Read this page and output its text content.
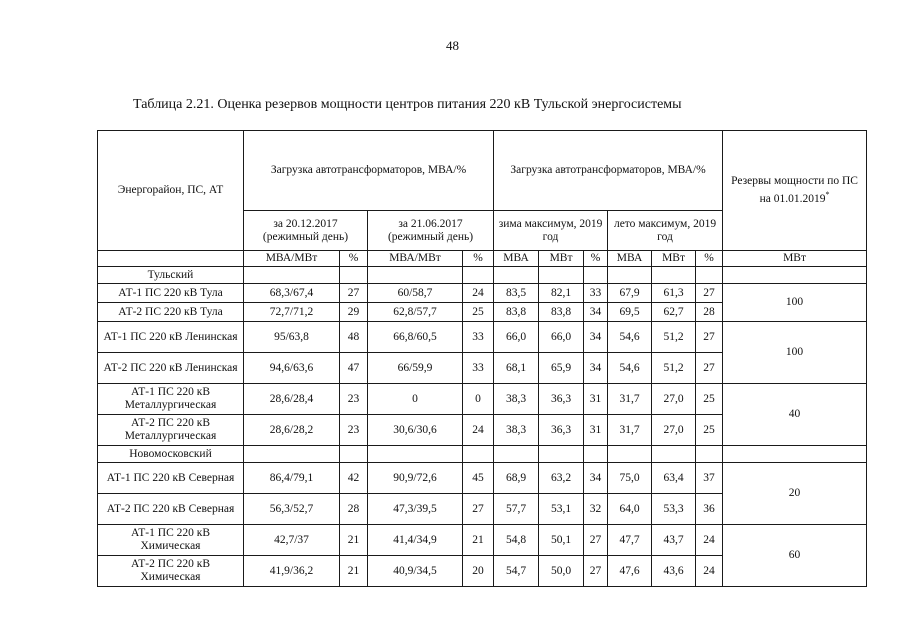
48
Таблица 2.21. Оценка резервов мощности центров питания 220 кВ Тульской энергосистемы
Энергорайон, ПС, АТ	Загрузка автотрансформаторов, МВА/%				Загрузка автотрансформаторов, МВА/%						Резервы мощности по ПС на 01.01.2019*
	за 20.12.2017 (режимный день)		за 21.06.2017 (режимный день)		зима максимум, 2019 год			лето максимум, 2019 год			
	МВА/МВт	%	МВА/МВт	%	МВА	МВт	%	МВА	МВт	%	МВт
Тульский											
АТ-1 ПС 220 кВ Тула	68,3/67,4	27	60/58,7	24	83,5	82,1	33	67,9	61,3	27	100
АТ-2 ПС 220 кВ Тула	72,7/71,2	29	62,8/57,7	25	83,8	83,8	34	69,5	62,7	28	
АТ-1 ПС 220 кВ Ленинская	95/63,8	48	66,8/60,5	33	66,0	66,0	34	54,6	51,2	27	100
АТ-2 ПС 220 кВ Ленинская	94,6/63,6	47	66/59,9	33	68,1	65,9	34	54,6	51,2	27	
АТ-1 ПС 220 кВ Металлургическая	28,6/28,4	23	0	0	38,3	36,3	31	31,7	27,0	25	40
АТ-2 ПС 220 кВ Металлургическая	28,6/28,2	23	30,6/30,6	24	38,3	36,3	31	31,7	27,0	25	
Новомосковский											
АТ-1 ПС 220 кВ Северная	86,4/79,1	42	90,9/72,6	45	68,9	63,2	34	75,0	63,4	37	20
АТ-2 ПС 220 кВ Северная	56,3/52,7	28	47,3/39,5	27	57,7	53,1	32	64,0	53,3	36	
АТ-1 ПС 220 кВ Химическая	42,7/37	21	41,4/34,9	21	54,8	50,1	27	47,7	43,7	24	60
АТ-2 ПС 220 кВ Химическая	41,9/36,2	21	40,9/34,5	20	54,7	50,0	27	47,6	43,6	24	
